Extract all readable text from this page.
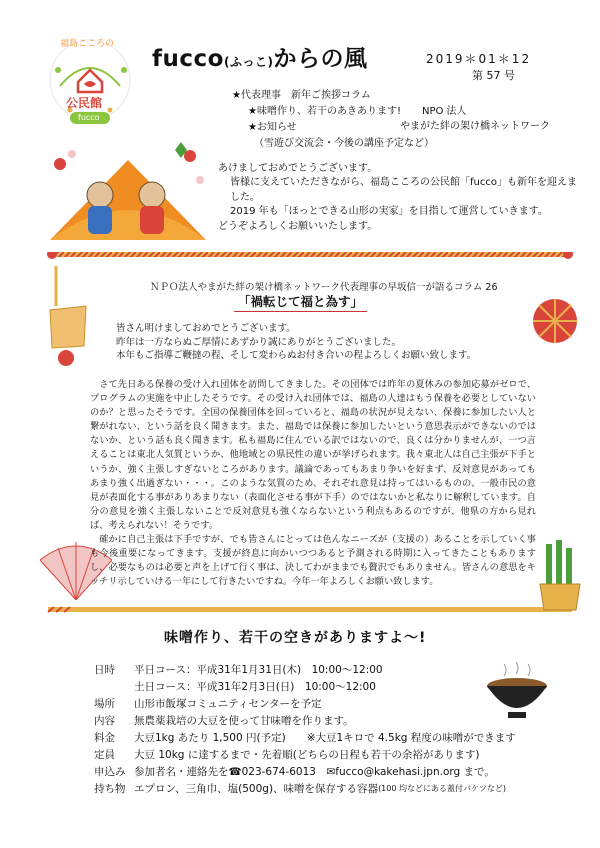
福島こころの
公民館
fucco
fucco(ふっこ)からの風	2019＊01＊12
第 57 号
★代表理事　新年ご挨拶コラム
★味噌作り、若干のあきあります!
★お知らせ
（雪遊び交流会・今後の講座予定など）
NPO 法人
やまがた絆の架け橋ネットワーク

あけましておめでとうございます。

皆様に支えていただきながら、福島こころの公民館「fucco」も新年を迎えました。

2019 年も「ほっとできる山形の実家」を目指して運営していきます。

どうぞよろしくお願いいたします。

ＮＰＯ法人やまがた絆の架け橋ネットワーク代表理事の早坂信一が語るコラム 26
「禍転じて福と為す」

皆さん明けましておめでとうございます。

昨年は一方ならぬご厚情にあずかり誠にありがとうございました。

本年もご指導ご鞭撻の程、そして変わらぬお付き合いの程よろしくお願い致します。

さて先日ある保養の受け入れ団体を訪問してきました。その団体では昨年の夏休みの参加応募がゼロで、プログラムの実施を中止したそうです。その受け入れ団体では、福島の人達はもう保養を必要としていないのか？と思ったそうです。全国の保養団体を回っていると、福島の状況が見えない、保養に参加したい人と繋がれない、という話を良く聞きます。また、福島では保養に参加したいという意思表示ができないのではないか、という話も良く聞きます。私も福島に住んでいる訳ではないので、良くは分かりませんが、一つ言えることは東北人気質というか、他地域との県民性の違いが挙げられます。我々東北人は自己主張が下手というか、強く主張しすぎないところがあります。議論であってもあまり争いを好まず、反対意見があってもあまり強く出過ぎない・・・。このような気質のため、それぞれ意見は持ってはいるものの、一般市民の意見が表面化する事がありあまりない（表面化させる事が下手）のではないかと私なりに解釈しています。自分の意見を強く主張しないことで反対意見も強くならないという利点もあるのですが、他県の方から見れば、考えられない！そうです。

確かに自己主張は下手ですが、でも皆さんにとっては色んなニーズが（支援の）あることを示していく事も今後重要になってきます。支援が終息に向かいつつあると予測される時期に入ってきたこともありますし、必要なものは必要と声を上げて行く事は、決してわがままでも贅沢でもありません。皆さんの意思をキッチリ示していける一年にして行きたいですね。今年一年よろしくお願い致します。

味噌作り、若干の空きがありますよ～!
日時	平日コース：平成31年1月31日(木)　10:00～12:00
土日コース：平成31年2月3日(日)　10:00～12:00
場所	山形市飯塚コミュニティセンターを予定
内容	無農薬栽培の大豆を使って甘味噌を作ります。
料金	大豆1kg あたり 1,500 円(予定)　　※大豆1キロで 4.5kg 程度の味噌ができます
定員	大豆 10kg に達するまで・先着順(どちらの日程も若干の余裕があります)
申込み 参加者名・連絡先を☎023-674-6013　✉fucco@kakehasi.jpn.org まで。
持ち物 エプロン、三角巾、塩(500g)、味噌を保存する容器 (100 均などにある蓋付バケツなど)
